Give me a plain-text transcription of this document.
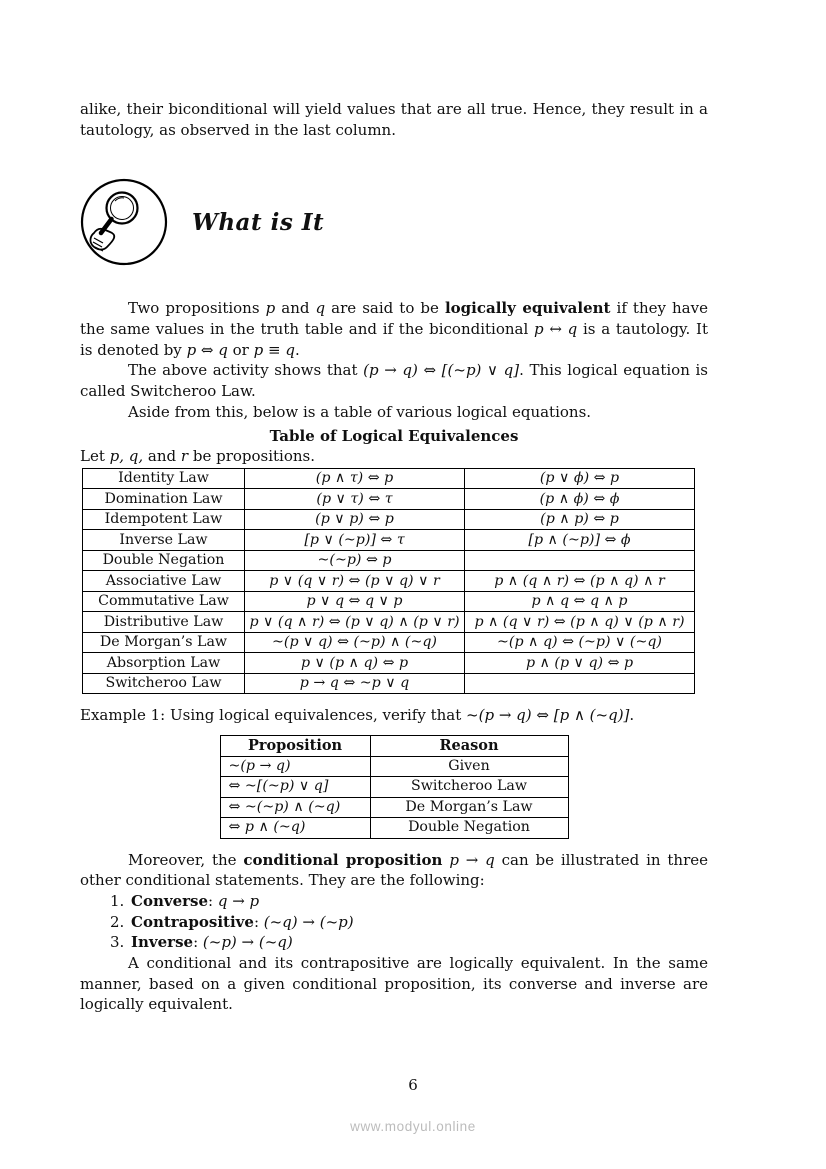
alike, their biconditional will yield values that are all true. Hence, they result in a tautology, as observed in the last column.

What is It

Two propositions p and q are said to be logically equivalent if they have the same values in the truth table and if the biconditional p ↔ q is a tautology. It is denoted by p ⇔ q or p ≡ q.

The above activity shows that (p → q) ⇔ [(~p) ∨ q]. This logical equation is called Switcheroo Law.

Aside from this, below is a table of various logical equations.

Table of Logical Equivalences

Let p, q, and r be propositions.

Identity Law	(p ∧ τ) ⇔ p	(p ∨ ϕ) ⇔ p
Domination Law	(p ∨ τ) ⇔ τ	(p ∧ ϕ) ⇔ ϕ
Idempotent Law	(p ∨ p) ⇔ p	(p ∧ p) ⇔ p
Inverse Law	[p ∨ (~p)] ⇔ τ	[p ∧ (~p)] ⇔ ϕ
Double Negation	~(~p) ⇔ p	
Associative Law	p ∨ (q ∨ r) ⇔ (p ∨ q) ∨ r	p ∧ (q ∧ r) ⇔ (p ∧ q) ∧ r
Commutative Law	p ∨ q ⇔ q ∨ p	p ∧ q ⇔ q ∧ p
Distributive Law	p ∨ (q ∧ r) ⇔ (p ∨ q) ∧ (p ∨ r)	p ∧ (q ∨ r) ⇔ (p ∧ q) ∨ (p ∧ r)
De Morgan’s Law	~(p ∨ q) ⇔ (~p) ∧ (~q)	~(p ∧ q) ⇔ (~p) ∨ (~q)
Absorption Law	p ∨ (p ∧ q) ⇔ p	p ∧ (p ∨ q) ⇔ p
Switcheroo Law	p → q ⇔ ~p ∨ q	

Example 1: Using logical equivalences, verify that ~(p → q) ⇔ [p ∧ (~q)].

Proposition	Reason
~(p → q)	Given
⇔ ~[(~p) ∨ q]	Switcheroo Law
⇔ ~(~p) ∧ (~q)	De Morgan’s Law
⇔ p ∧ (~q)	Double Negation

Moreover, the conditional proposition p → q can be illustrated in three other conditional statements. They are the following:

1. Converse: q → p
2. Contrapositive: (~q) → (~p)
3. Inverse: (~p) → (~q)

A conditional and its contrapositive are logically equivalent. In the same manner, based on a given conditional proposition, its converse and inverse are logically equivalent.

6
www.modyul.online
